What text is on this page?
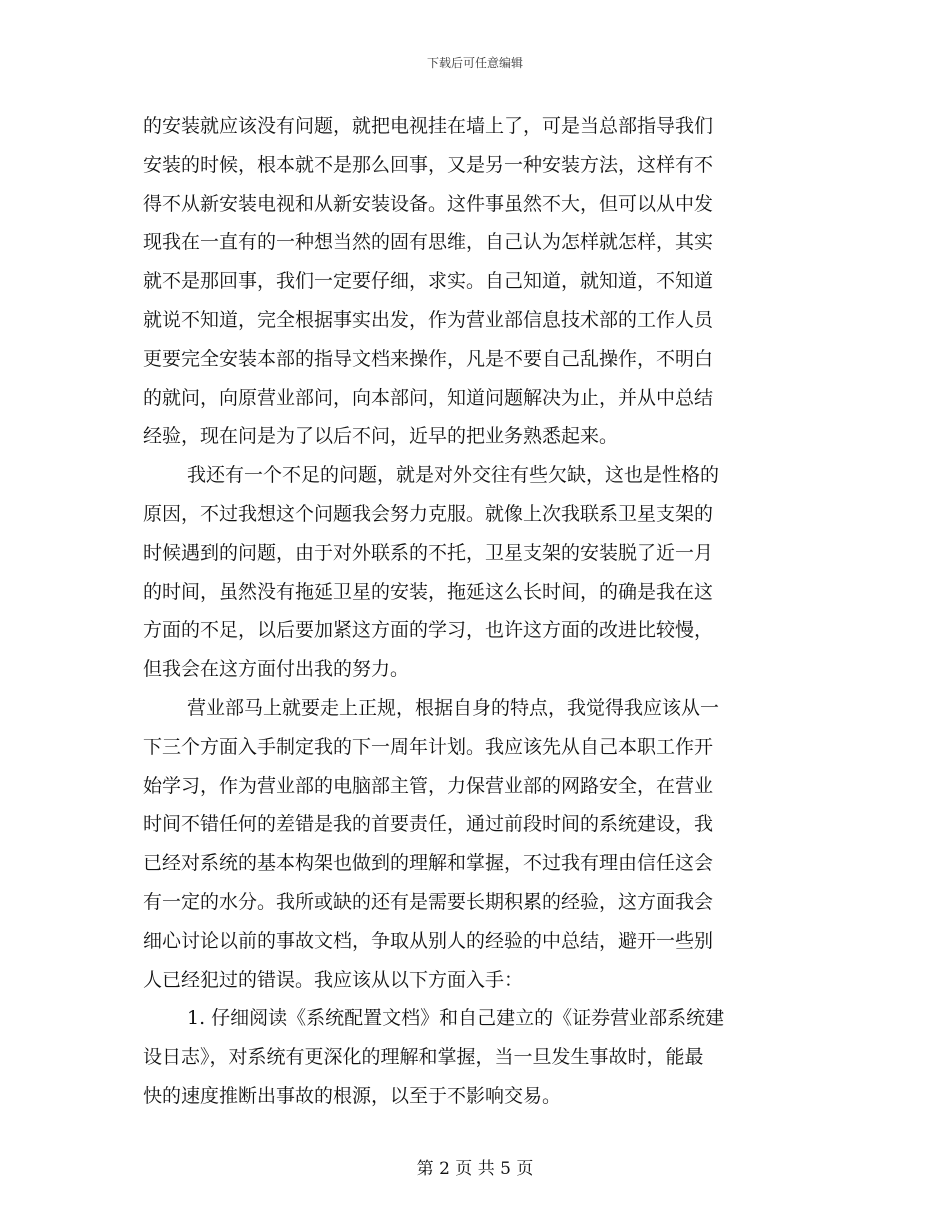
下载后可任意编辑
的安装就应该没有问题，就把电视挂在墙上了，可是当总部指导我们
安装的时候，根本就不是那么回事，又是另一种安装方法，这样有不
得不从新安装电视和从新安装设备。这件事虽然不大，但可以从中发
现我在一直有的一种想当然的固有思维，自己认为怎样就怎样，其实
就不是那回事，我们一定要仔细，求实。自己知道，就知道，不知道
就说不知道，完全根据事实出发，作为营业部信息技术部的工作人员
更要完全安装本部的指导文档来操作，凡是不要自己乱操作，不明白
的就问，向原营业部问，向本部问，知道问题解决为止，并从中总结
经验，现在问是为了以后不问，近早的把业务熟悉起来。
我还有一个不足的问题，就是对外交往有些欠缺，这也是性格的
原因，不过我想这个问题我会努力克服。就像上次我联系卫星支架的
时候遇到的问题，由于对外联系的不托，卫星支架的安装脱了近一月
的时间，虽然没有拖延卫星的安装，拖延这么长时间，的确是我在这
方面的不足，以后要加紧这方面的学习，也许这方面的改进比较慢，
但我会在这方面付出我的努力。
营业部马上就要走上正规，根据自身的特点，我觉得我应该从一
下三个方面入手制定我的下一周年计划。我应该先从自己本职工作开
始学习，作为营业部的电脑部主管，力保营业部的网路安全，在营业
时间不错任何的差错是我的首要责任，通过前段时间的系统建设，我
已经对系统的基本构架也做到的理解和掌握，不过我有理由信任这会
有一定的水分。我所或缺的还有是需要长期积累的经验，这方面我会
细心讨论以前的事故文档，争取从别人的经验的中总结，避开一些别
人已经犯过的错误。我应该从以下方面入手：
1. 仔细阅读《系统配置文档》和自己建立的《证券营业部系统建
设日志》，对系统有更深化的理解和掌握，当一旦发生事故时，能最
快的速度推断出事故的根源，以至于不影响交易。
第 2 页 共 5 页
